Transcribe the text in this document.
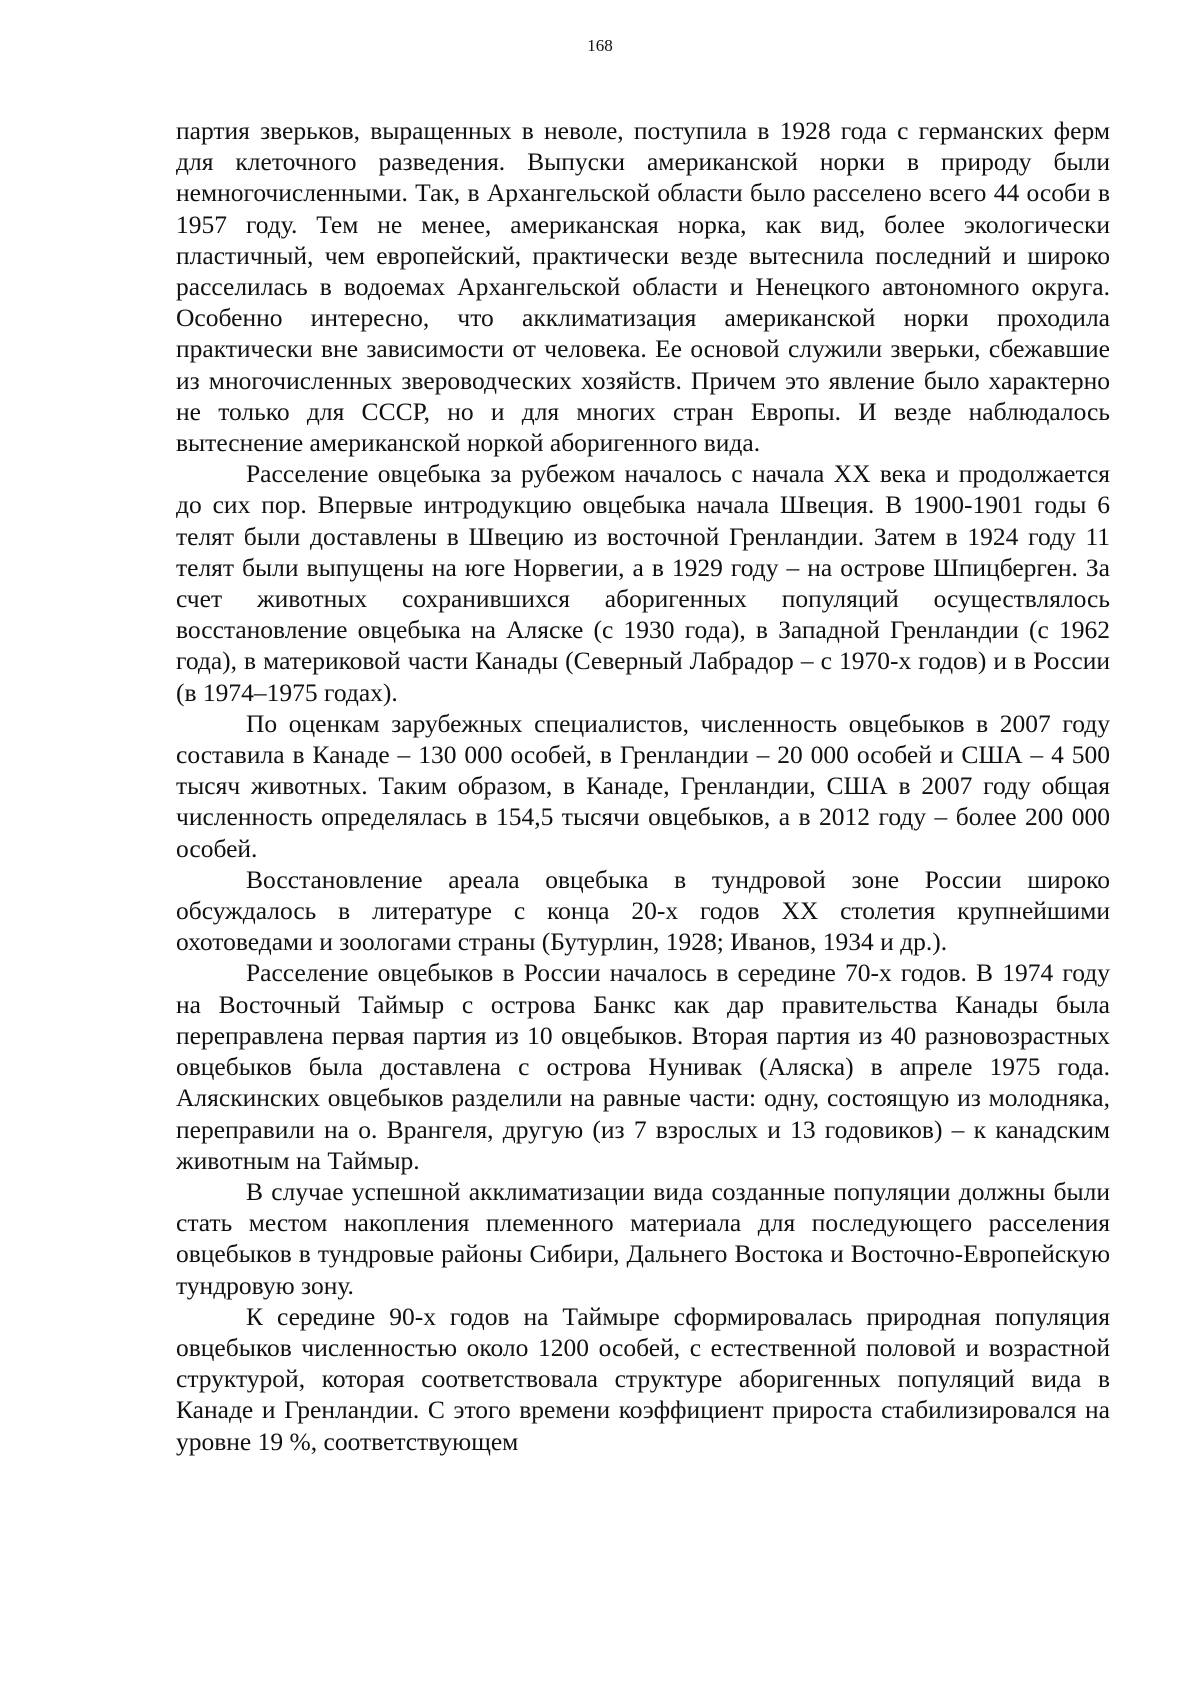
168

партия зверьков, выращенных в неволе, поступила в 1928 года с германских ферм для клеточного разведения. Выпуски американской норки в природу были немногочисленными. Так, в Архангельской области было расселено всего 44 особи в 1957 году. Тем не менее, американская норка, как вид, более экологически пластичный, чем европейский, практически везде вытеснила последний и широко расселилась в водоемах Архангельской области и Ненецкого автономного округа. Особенно интересно, что акклиматизация американской норки проходила практически вне зависимости от человека. Ее основой служили зверьки, сбежавшие из многочисленных звероводческих хозяйств. Причем это явление было характерно не только для СССР, но и для многих стран Европы. И везде наблюдалось вытеснение американской норкой аборигенного вида.

Расселение овцебыка за рубежом началось с начала XX века и продолжается до сих пор. Впервые интродукцию овцебыка начала Швеция. В 1900-1901 годы 6 телят были доставлены в Швецию из восточной Гренландии. Затем в 1924 году 11 телят были выпущены на юге Норвегии, а в 1929 году – на острове Шпицберген. За счет животных сохранившихся аборигенных популяций осуществлялось восстановление овцебыка на Аляске (с 1930 года), в Западной Гренландии (с 1962 года), в материковой части Канады (Северный Лабрадор – с 1970-х годов) и в России (в 1974–1975 годах).

По оценкам зарубежных специалистов, численность овцебыков в 2007 году составила в Канаде – 130 000 особей, в Гренландии – 20 000 особей и США – 4 500 тысяч животных. Таким образом, в Канаде, Гренландии, США в 2007 году общая численность определялась в 154,5 тысячи овцебыков, а в 2012 году – более 200 000 особей.

Восстановление ареала овцебыка в тундровой зоне России широко обсуждалось в литературе с конца 20-х годов XX столетия крупнейшими охотоведами и зоологами страны (Бутурлин, 1928; Иванов, 1934 и др.).

Расселение овцебыков в России началось в середине 70-х годов. В 1974 году на Восточный Таймыр с острова Банкс как дар правительства Канады была переправлена первая партия из 10 овцебыков. Вторая партия из 40 разновозрастных овцебыков была доставлена с острова Нунивак (Аляска) в апреле 1975 года. Аляскинских овцебыков разделили на равные части: одну, состоящую из молодняка, переправили на о. Врангеля, другую (из 7 взрослых и 13 годовиков) – к канадским животным на Таймыр.

В случае успешной акклиматизации вида созданные популяции должны были стать местом накопления племенного материала для последующего расселения овцебыков в тундровые районы Сибири, Дальнего Востока и Восточно-Европейскую тундровую зону.

К середине 90-х годов на Таймыре сформировалась природная популяция овцебыков численностью около 1200 особей, с естественной половой и возрастной структурой, которая соответствовала структуре аборигенных популяций вида в Канаде и Гренландии. С этого времени коэффициент прироста стабилизировался на уровне 19 %, соответствующем
